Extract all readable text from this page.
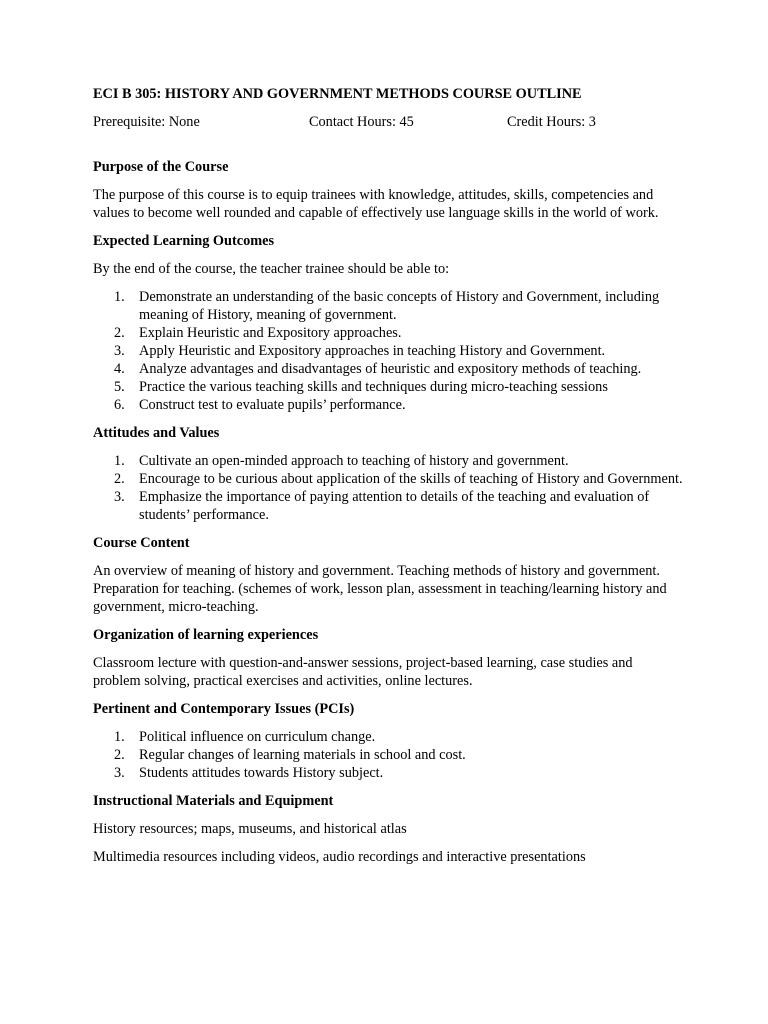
ECI B 305: HISTORY AND GOVERNMENT METHODS COURSE OUTLINE
Prerequisite: None	Contact Hours: 45	Credit Hours: 3
Purpose of the Course

The purpose of this course is to equip trainees with knowledge, attitudes, skills, competencies and values to become well rounded and capable of effectively use language skills in the world of work.

Expected Learning Outcomes

By the end of the course, the teacher trainee should be able to:

1. Demonstrate an understanding of the basic concepts of History and Government, including meaning of History, meaning of government.
2. Explain Heuristic and Expository approaches.
3. Apply Heuristic and Expository approaches in teaching History and Government.
4. Analyze advantages and disadvantages of heuristic and expository methods of teaching.
5. Practice the various teaching skills and techniques during micro-teaching sessions
6. Construct test to evaluate pupils’ performance.
Attitudes and Values
1. Cultivate an open-minded approach to teaching of history and government.
2. Encourage to be curious about application of the skills of teaching of History and Government.
3. Emphasize the importance of paying attention to details of the teaching and evaluation of students’ performance.
Course Content

An overview of meaning of history and government. Teaching methods of history and government. Preparation for teaching. (schemes of work, lesson plan, assessment in teaching/learning history and government, micro-teaching.

Organization of learning experiences

Classroom lecture with question-and-answer sessions, project-based learning, case studies and problem solving, practical exercises and activities, online lectures.

Pertinent and Contemporary Issues (PCIs)
1. Political influence on curriculum change.
2. Regular changes of learning materials in school and cost.
3. Students attitudes towards History subject.
Instructional Materials and Equipment

History resources; maps, museums, and historical atlas

Multimedia resources including videos, audio recordings and interactive presentations
